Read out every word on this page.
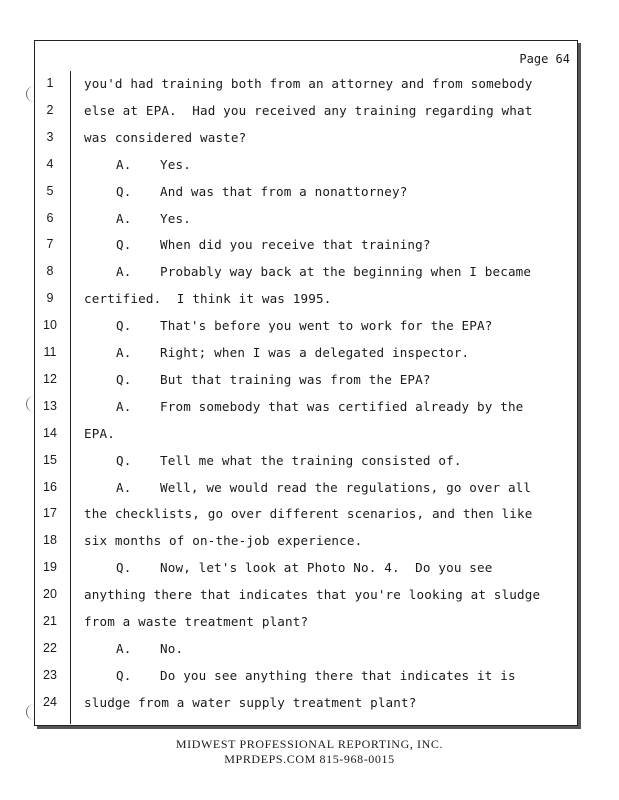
Page 64
1	you'd had training both from an attorney and from somebody
2	else at EPA.  Had you received any training regarding what
3	was considered waste?
4	A. Yes.
5	Q. And was that from a nonattorney?
6	A. Yes.
7	Q. When did you receive that training?
8	A. Probably way back at the beginning when I became
9	certified.  I think it was 1995.
10	Q. That's before you went to work for the EPA?
11	A. Right; when I was a delegated inspector.
12	Q. But that training was from the EPA?
13	A. From somebody that was certified already by the
14	EPA.
15	Q. Tell me what the training consisted of.
16	A. Well, we would read the regulations, go over all
17	the checklists, go over different scenarios, and then like
18	six months of on-the-job experience.
19	Q. Now, let's look at Photo No. 4.  Do you see
20	anything there that indicates that you're looking at sludge
21	from a waste treatment plant?
22	A. No.
23	Q. Do you see anything there that indicates it is
24	sludge from a water supply treatment plant?
MIDWEST PROFESSIONAL REPORTING, INC.
MPRDEPS.COM 815-968-0015
